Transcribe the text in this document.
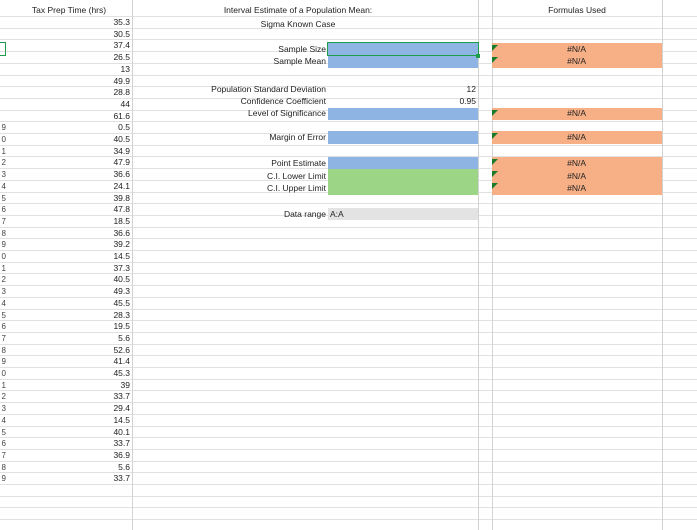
Tax Prep Time (hrs)
35.3
30.5
37.4
26.5
13
49.9
28.8
44
61.6
0.5
40.5
34.9
47.9
36.6
24.1
39.8
47.8
18.5
36.6
39.2
14.5
37.3
40.5
49.3
45.5
28.3
19.5
5.6
52.6
41.4
45.3
39
33.7
29.4
14.5
40.1
33.7
36.9
5.6
33.7
9
0
1
2
3
4
5
6
7
8
9
0
1
2
3
4
5
6
7
8
9
0
1
2
3
4
5
6
7
8
9
Interval Estimate of a Population Mean:
Sigma Known Case
Formulas Used
Sample Size
Sample Mean
Population Standard Deviation
Confidence Coefficient
Level of Significance
Margin of Error
Point Estimate
C.I. Lower Limit
C.I. Upper Limit
Data range A:A
12
0.95
#N/A
#N/A
#N/A
#N/A
#N/A
#N/A
#N/A
